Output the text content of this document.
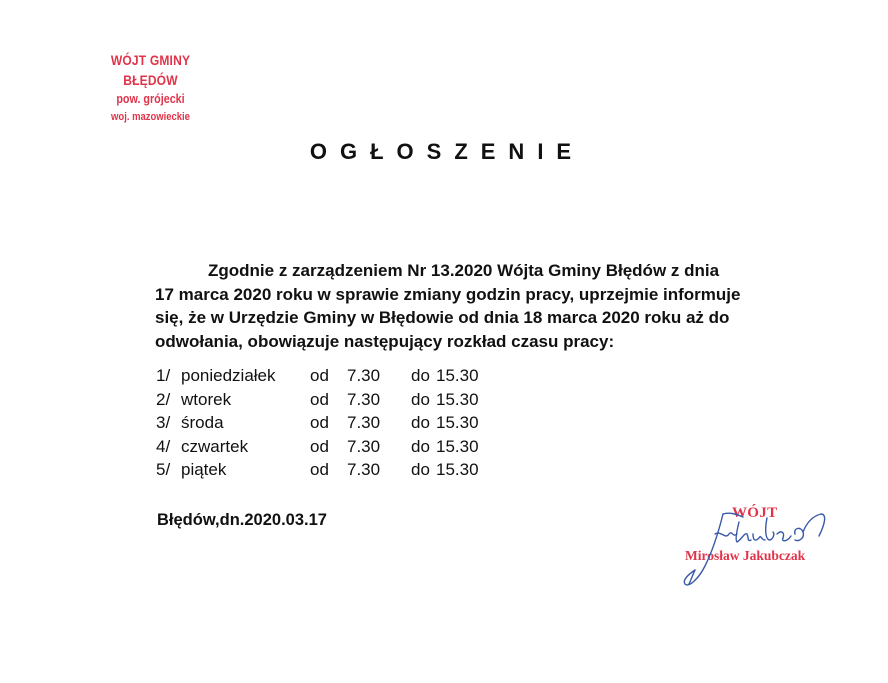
WÓJT GMINY BŁĘDÓW
pow. grójecki
woj. mazowieckie
OGŁOSZENIE
Zgodnie z zarządzeniem Nr 13.2020 Wójta Gminy Błędów z dnia
17 marca 2020 roku w sprawie zmiany godzin pracy, uprzejmie informuje
się, że w Urzędzie Gminy w Błędowie od dnia 18 marca 2020 roku aż do
odwołania, obowiązuje następujący rozkład czasu pracy:
1/ poniedziałek od 7.30 do 15.30
2/ wtorek	od 7.30 do 15.30
3/ środa	od 7.30 do 15.30
4/ czwartek	od 7.30 do 15.30
5/ piątek	od 7.30 do 15.30
Błędów,dn.2020.03.17	WÓJT
Mirosław Jakubczak
